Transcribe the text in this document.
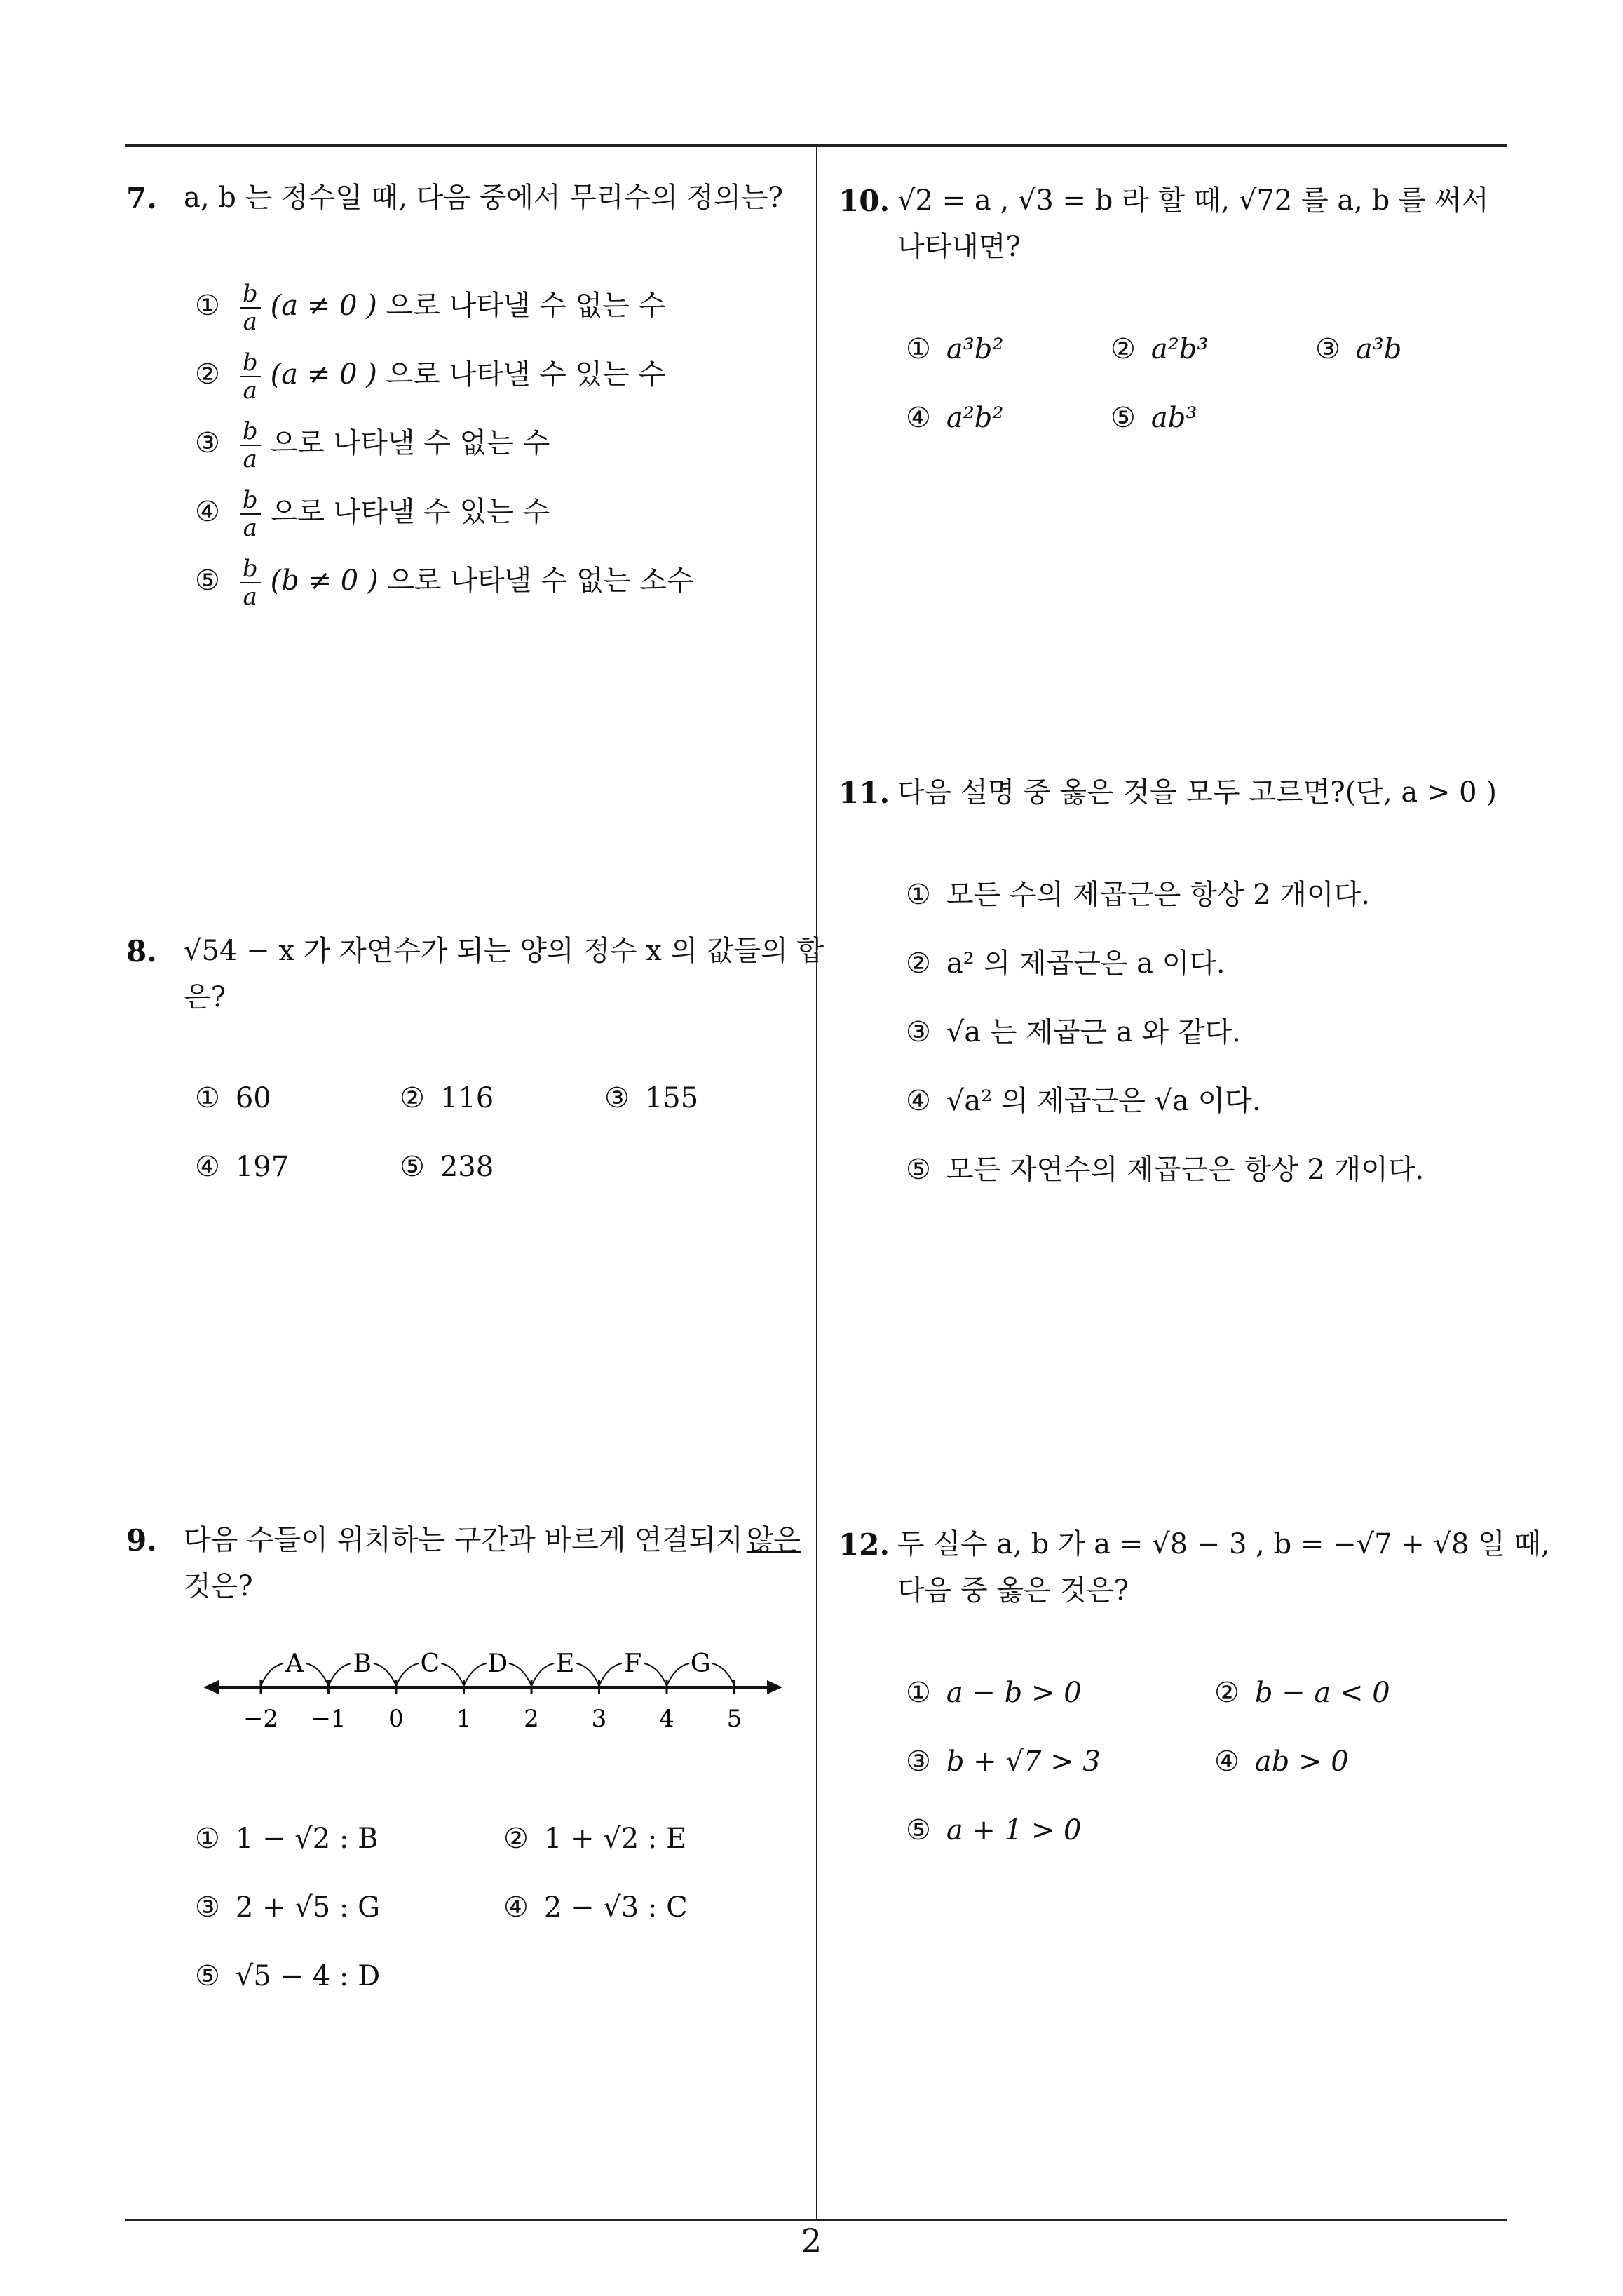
7. a, b 는 정수일 때, 다음 중에서 무리수의 정의는?
① $\frac{b}{a} (a \ne 0$ ) 으로 나타낼 수 없는 수
② $\frac{b}{a} (a \ne 0$ ) 으로 나타낼 수 있는 수
③ $\frac{b}{a}$ 으로 나타낼 수 없는 수
④ $\frac{b}{a}$ 으로 나타낼 수 있는 수
⑤ $\frac{b}{a} (b \ne 0$ ) 으로 나타낼 수 없는 소수
8. √54 − x 가 자연수가 되는 양의 정수 x 의 값들의 합
은?
① 60	② 116	③ 155
④ 197	⑤ 238
9. 다음 수들이 위치하는 구간과 바르게 연결되지 않은
것은?
−2 −1 0 1 2 3 4 5
A B C D E F G
① 1 − √2 : B	② 1 + √2 : E
③ 2 + √5 : G	④ 2 − √3 : C
⑤ √5 − 4 : D
10. √2 = a , √3 = b 라 할 때, √72 를 a, b 를 써서
나타내면?
① a³b²	② a²b³	③ a³b
④ a²b²	⑤ ab³
11. 다음 설명 중 옳은 것을 모두 고르면?(단, a > 0 )
① 모든 수의 제곱근은 항상 2 개이다.
② a² 의 제곱근은 a 이다.
③ √a 는 제곱근 a 와 같다.
④ √a² 의 제곱근은 √a 이다.
⑤ 모든 자연수의 제곱근은 항상 2 개이다.
12. 두 실수 a, b 가 a = √8 − 3 , b = −√7 + √8 일 때,
다음 중 옳은 것은?
① a − b > 0	② b − a < 0
③ b + √7 > 3	④ ab > 0
⑤ a + 1 > 0
2
